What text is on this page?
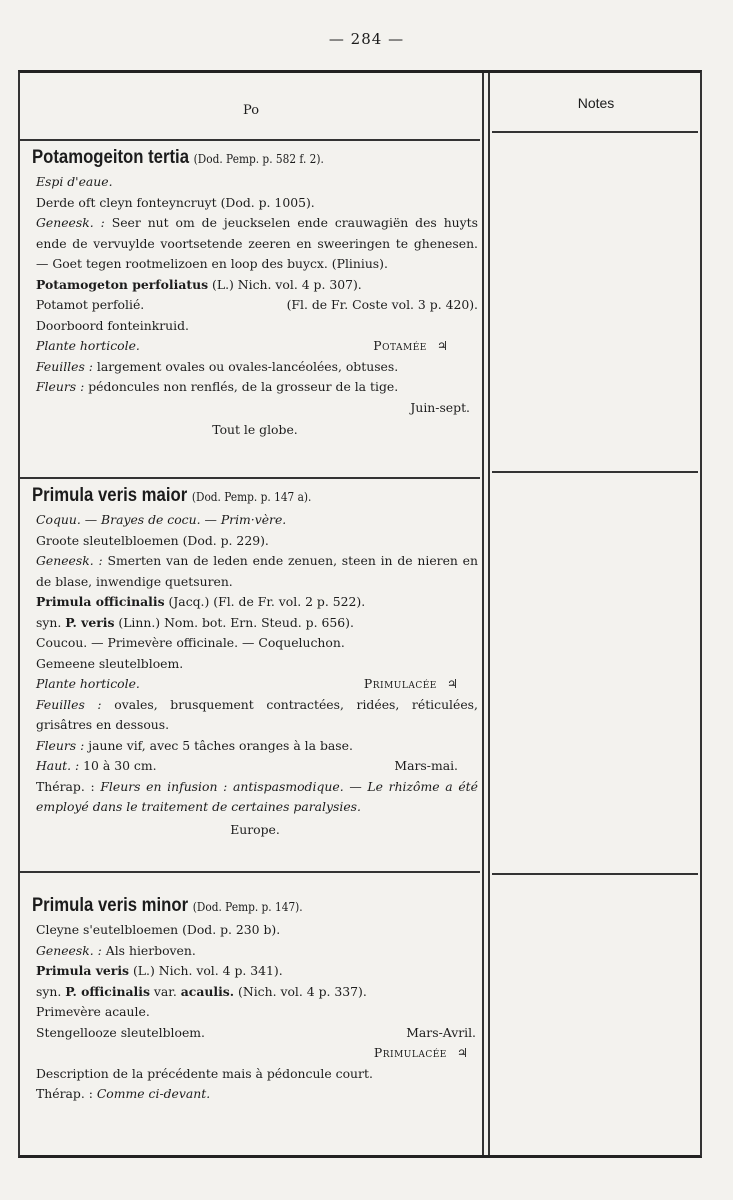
— 284 —
Po	Notes

Potamogeiton tertia (Dod. Pemp. p. 582 f. 2).

Espi d'eaue.

Derde oft cleyn fonteyncruyt (Dod. p. 1005).

Geneesk. : Seer nut om de jeuckselen ende crauwagiën des huyts ende de vervuylde voortsetende zeeren en sweeringen te ghenesen. — Goet tegen rootmelizoen en loop des buycx. (Plinius).

Potamogeton perfoliatus (L.) Nich. vol. 4 p. 307).

Potamot perfolié.	(Fl. de Fr. Coste vol. 3 p. 420).

Doorboord fonteinkruid.

Plante horticole.	Potamée ♃

Feuilles : largement ovales ou ovales-lancéolées, obtuses.

Fleurs : pédoncules non renflés, de la grosseur de la tige.

Juin-sept.

Tout le globe.

Primula veris maior (Dod. Pemp. p. 147 a).

Coquu. — Brayes de cocu. — Prim·vère.

Groote sleutelbloemen (Dod. p. 229).

Geneesk. : Smerten van de leden ende zenuen, steen in de nieren en de blase, inwendige quetsuren.

Primula officinalis (Jacq.) (Fl. de Fr. vol. 2 p. 522).

syn. P. veris (Linn.) Nom. bot. Ern. Steud. p. 656).

Coucou. — Primevère officinale. — Coqueluchon.

Gemeene sleutelbloem.

Plante horticole.	Primulacée ♃

Feuilles : ovales, brusquement contractées, ridées, réticulées, grisâtres en dessous.

Fleurs : jaune vif, avec 5 tâches oranges à la base.

Haut. : 10 à 30 cm.	Mars-mai.

Thérap. : Fleurs en infusion : antispasmodique. — Le rhizôme a été employé dans le traitement de certaines paralysies.

Europe.

Primula veris minor (Dod. Pemp. p. 147).

Cleyne s'eutelbloemen (Dod. p. 230 b).

Geneesk. : Als hierboven.

Primula veris (L.) Nich. vol. 4 p. 341).

syn. P. officinalis var. acaulis. (Nich. vol. 4 p. 337).

Primevère acaule.

Stengellooze sleutelbloem.	Mars-Avril.

Primulacée ♃

Description de la précédente mais à pédoncule court.

Thérap. : Comme ci-devant.
